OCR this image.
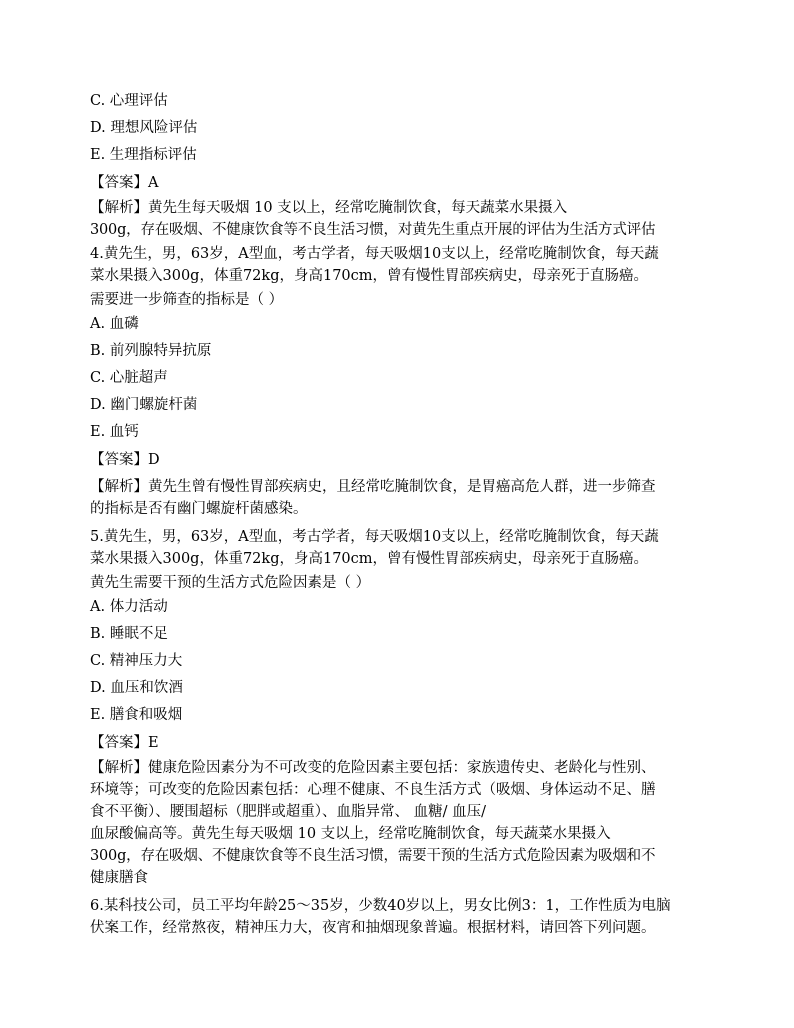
C. 心理评估

D. 理想风险评估

E. 生理指标评估

【答案】A

【解析】黄先生每天吸烟 10 支以上，经常吃腌制饮食，每天蔬菜水果摄入

300g，存在吸烟、不健康饮食等不良生活习惯，对黄先生重点开展的评估为生活方式评估

4.黄先生，男，63岁，A型血，考古学者，每天吸烟10支以上，经常吃腌制饮食，每天蔬

菜水果摄入300g，体重72kg，身高170cm，曾有慢性胃部疾病史，母亲死于直肠癌。

需要进一步筛查的指标是（ ）

A. 血磷

B. 前列腺特异抗原

C. 心脏超声

D. 幽门螺旋杆菌

E. 血钙

【答案】D

【解析】黄先生曾有慢性胃部疾病史，且经常吃腌制饮食，是胃癌高危人群，进一步筛查

的指标是否有幽门螺旋杆菌感染。

5.黄先生，男，63岁，A型血，考古学者，每天吸烟10支以上，经常吃腌制饮食，每天蔬

菜水果摄入300g，体重72kg，身高170cm，曾有慢性胃部疾病史，母亲死于直肠癌。

黄先生需要干预的生活方式危险因素是（ ）

A. 体力活动

B. 睡眠不足

C. 精神压力大

D. 血压和饮酒

E. 膳食和吸烟

【答案】E

【解析】健康危险因素分为不可改变的危险因素主要包括：家族遗传史、老龄化与性别、

环境等；可改变的危险因素包括：心理不健康、不良生活方式（吸烟、身体运动不足、膳

食不平衡）、腰围超标（肥胖或超重）、血脂异常、 血糖/ 血压/

血尿酸偏高等。黄先生每天吸烟 10 支以上，经常吃腌制饮食，每天蔬菜水果摄入

300g，存在吸烟、不健康饮食等不良生活习惯，需要干预的生活方式危险因素为吸烟和不

健康膳食

6.某科技公司，员工平均年龄25～35岁，少数40岁以上，男女比例3：1，工作性质为电脑

伏案工作，经常熬夜，精神压力大，夜宵和抽烟现象普遍。根据材料，请回答下列问题。
